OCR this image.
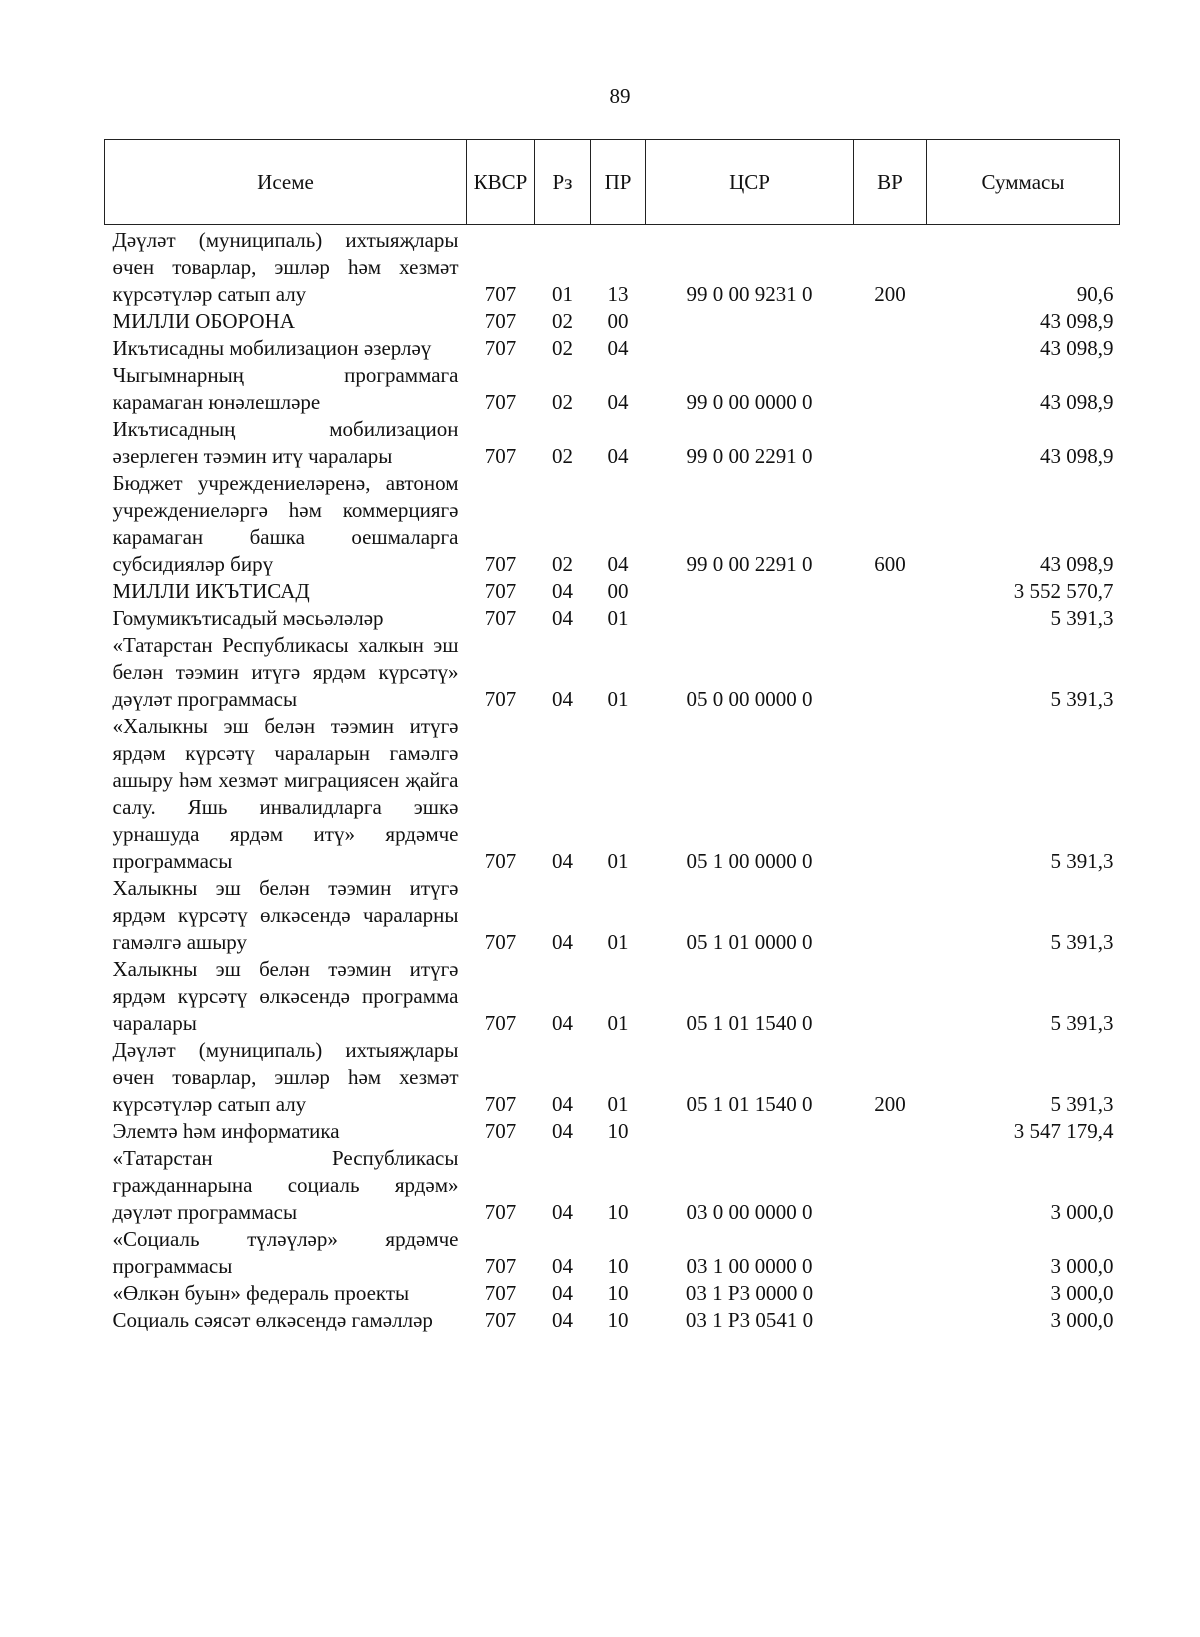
89
Исеме	КВСР	Рз	ПР	ЦСР	ВР	Суммасы
Дәүләт (муниципаль) ихтыяҗлары өчен товарлар, эшләр һәм хезмәт күрсәтүләр сатып алу	707	01	13	99 0 00 9231 0	200	90,6
МИЛЛИ ОБОРОНА	707	02	00			43 098,9
Икътисадны мобилизацион әзерләү	707	02	04			43 098,9
Чыгымнарның программага карамаган юнәлешләре	707	02	04	99 0 00 0000 0		43 098,9
Икътисадның мобилизацион әзерлеген тәэмин итү чаралары	707	02	04	99 0 00 2291 0		43 098,9
Бюджет учреждениеләренә, автоном учреждениеләргә һәм коммерциягә карамаган башка оешмаларга субсидияләр бирү	707	02	04	99 0 00 2291 0	600	43 098,9
МИЛЛИ ИКЪТИСАД	707	04	00			3 552 570,7
Гомумикътисадый мәсьәләләр	707	04	01			5 391,3
«Татарстан Республикасы халкын эш белән тәэмин итүгә ярдәм күрсәтү» дәүләт программасы	707	04	01	05 0 00 0000 0		5 391,3
«Халыкны эш белән тәэмин итүгә ярдәм күрсәтү чараларын гамәлгә ашыру һәм хезмәт миграциясен җайга салу. Яшь инвалидларга эшкә урнашуда ярдәм итү» ярдәмче программасы	707	04	01	05 1 00 0000 0		5 391,3
Халыкны эш белән тәэмин итүгә ярдәм күрсәтү өлкәсендә чараларны гамәлгә ашыру	707	04	01	05 1 01 0000 0		5 391,3
Халыкны эш белән тәэмин итүгә ярдәм күрсәтү өлкәсендә программа чаралары	707	04	01	05 1 01 1540 0		5 391,3
Дәүләт (муниципаль) ихтыяҗлары өчен товарлар, эшләр һәм хезмәт күрсәтүләр сатып алу	707	04	01	05 1 01 1540 0	200	5 391,3
Элемтә һәм информатика	707	04	10			3 547 179,4
«Татарстан Республикасы гражданнарына социаль ярдәм» дәүләт программасы	707	04	10	03 0 00 0000 0		3 000,0
«Социаль түләүләр» ярдәмче программасы	707	04	10	03 1 00 0000 0		3 000,0
«Өлкән буын» федераль проекты	707	04	10	03 1 P3 0000 0		3 000,0
Социаль сәясәт өлкәсендә гамәлләр	707	04	10	03 1 P3 0541 0		3 000,0
